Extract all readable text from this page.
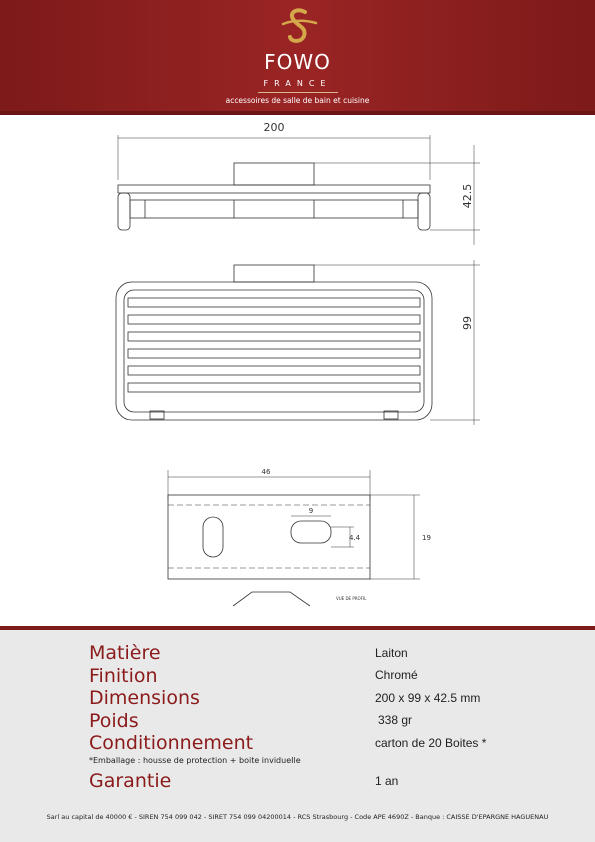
FOWO
FRANCE
accessoires de salle de bain et cuisine
200
42.5
99
46
19
9
4.4
VUE DE PROFIL
Matière	Laiton
Finition	Chromé
Dimensions	200 x 99 x 42.5 mm
Poids	338 gr
Conditionnement	carton de 20 Boites *
*Emballage : housse de protection + boite invidueIle
Garantie	1 an
Sarl au capital de 40000 € - SIREN 754 099 042 - SIRET 754 099 04200014 - RCS Strasbourg - Code APE 4690Z - Banque : CAISSE D'EPARGNE HAGUENAU
